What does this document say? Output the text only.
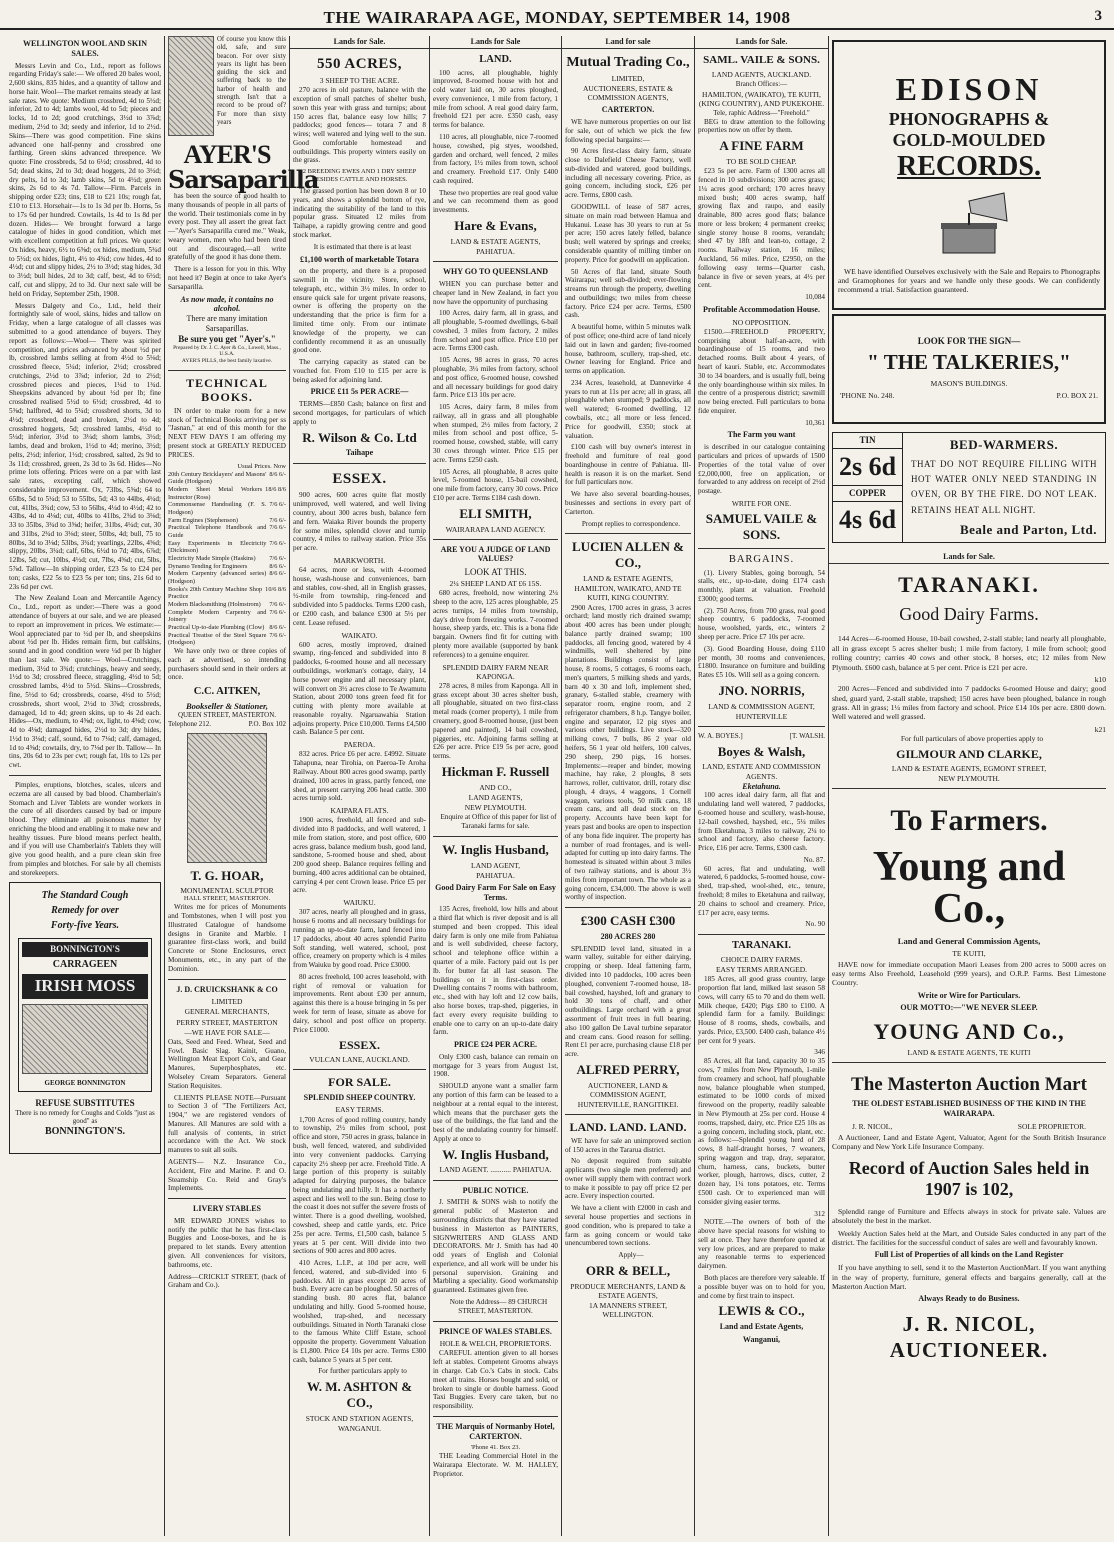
THE WAIRARAPA AGE, MONDAY, SEPTEMBER 14, 1908	3
WELLINGTON WOOL AND SKIN SALES.

Messrs Levin and Co., Ltd., report as follows regarding Friday's sale:— We offered 20 bales wool, 2,600 skins, 835 hides, and a quantity of tallow and horse hair. Wool—The market remains steady at last sale rates. We quote: Medium crossbred, 4d to 5½d; inferior, 2d to 4d; lambs wool, 4d to 5d; pieces and locks, 1d to 2d; good crutchings, 3½d to 3⅞d; medium, 2½d to 3d; seedy and inferior, 1d to 2½d. Skins—There was good competition. Fine skins advanced one half-penny and crossbred one farthing. Green skins advanced threepence. We quote: Fine crossbreds, 5d to 6½d; crossbred, 4d to 5d; dead skins, 2d to 3d; dead hoggets, 2d to 3½d; dry pelts, 1d to 3d; lamb skins, 5d to 4½d; green skins, 2s 6d to 4s 7d. Tallow—Firm. Parcels in shipping order £23; tins, £18 to £21 10s; rough fat, £10 to £13. Horsehair—1s to 1s 3d per lb. Horns, 5s to 17s 6d per hundred. Cowtails, 1s 4d to 1s 8d per dozen. Hides— We brought forward a large catalogue of hides in good condition, which met with excellent competition at full prices. We quote: Ox hides, heavy, 6½ to 6⅝d; ox hides, medium, 5¾d to 5½d; ox hides, light, 4½ to 4¾d; cow hides, 4d to 4½d; cut and slippy hides, 2½ to 3½d; stag hides, 3d to 3½d; bull hides, 2d to 3d; calf, best, 4d to 6½d; calf, cut and slippy, 2d to 3d. Our next sale will be held on Friday, September 25th, 1908.

Messrs Dalgety and Co., Ltd., held their fortnightly sale of wool, skins, hides and tallow on Friday, when a large catalogue of all classes was submitted to a good attendance of buyers. They report as follows:—Wool— There was spirited competition, and prices advanced by about ½d per lb, crossbred lambs selling at from 4½d to 5⅛d; crossbred fleece, 5¼d; inferior, 2½d; crossbred crutchings, 2½d to 3⅞d; inferior, 2d to 2½d; crossbred pieces and pieces, 1¼d to 1¾d. Sheepskins advanced by about ½d per lb; fine crossbred realised 5½d to 6½d; crossbred, 4d to 5⅜d; halfbred, 4d to 5¼d; crossbred shorts, 3d to 4½d; crossbred, dead and broken, 2½d to 4d; crossbred hoggets, 5d; crossbred lambs, 4½d to 5¼d; inferior, 3½d to 3¼d; shorn lambs, 3½d; lambs, dead and broken, 1½d to 4d; merino, 3½d; pelts, 2½d; inferior, 1½d; crossbred, salted, 2s 9d to 3s 11d; crossbred, green, 2s 3d to 3s 6d. Hides—No prime lots offering. Prices were on a par with last sale rates, excepting calf, which showed considerable improvement. Ox, 73lbs, 5⅝d; 64 to 65lbs, 5d to 5¼d; 53 to 55lbs, 5d; 43 to 44lbs, 4¼d; cut, 41lbs, 3¾d; cow, 53 to 56lbs, 4¼d to 4½d; 42 to 43lbs, 4d to 4⅛d; cut, 40lbs to 41lbs, 2¾d to 3⅛d; 33 to 35lbs, 3¾d to 3⅝d; heifer, 31lbs, 4¼d; cut, 30 and 31lbs, 2¾d to 3⅛d; steer, 50lbs, 4d; bull, 75 to 80lbs, 3d to 3⅛d; 53lbs, 3¾d; yearlings, 22lbs, 4⅝d; slippy, 20lbs, 3¼d; calf, 6lbs, 6½d to 7d; 4lbs, 6⅞d; 12lbs, 5d; cut, 10lbs, 4½d; cut, 7lbs, 4⅝d; cut, 5lbs, 5⅞d. Tallow—In shipping order, £23 5s to £24 per ton; casks, £22 5s to £23 5s per ton; tins, 21s 6d to 23s 6d per cwt.

The New Zealand Loan and Mercantile Agency Co., Ltd., report as under:—There was a good attendance of buyers at our sale, and we are pleased to report an improvement in prices. We estimate:—Wool appreciated par to ½d per lb, and sheepskins about ½d per lb. Hides remain firm, but calfskins, sound and in good condition were ¼d per lb higher than last sale. We quote:— Wool—Crutchings, medium, 3½d to 3¾d; crutchings, heavy and seedy, 1½d to 3d; crossbred fleece, straggling, 4½d to 5d; crossbred lambs, 4½d to 5½d. Skins—Crossbreds, fine, 5½d to 6d; crossbreds, coarse, 4½d to 5½d; crossbreds, short wool, 2½d to 3⅞d; crossbreds, damaged, 1d to 4d; green skins, up to 4s 2d each. Hides—Ox, medium, to 4⅝d; ox, light, to 4⅜d; cow, 4d to 4⅛d; damaged hides, 2½d to 3d; dry hides, 1½d to 3⅛d; calf, sound, 6d to 7⅛d; calf, damaged, 1d to 4⅝d; cowtails, dry, to 7⅛d per lb. Tallow— In tins, 20s 6d to 23s per cwt; rough fat, 10s to 12s per cwt.

Pimples, eruptions, blotches, scales, ulcers and eczema are all caused by bad blood. Chamberlain's Stomach and Liver Tablets are wonder workers in the cure of all disorders caused by bad or impure blood. They eliminate all poisonous matter by enriching the blood and enabling it to make new and healthy tissues. Pure blood means perfect health, and if you will use Chamberlain's Tablets they will give you good health, and a pure clean skin free from pimples and blotches. For sale by all chemists and storekeepers.

The Standard Cough
Remedy for over
Forty-five Years.
BONNINGTON'S
CARRAGEEN
IRISH MOSS
GEORGE BONNINGTON
REFUSE SUBSTITUTES
There is no remedy for Coughs and Colds "just as good" as
BONNINGTON'S.

Of course you know this old, safe, and sure beacon. For over sixty years its light has been guiding the sick and suffering back to the harbor of health and strength. Isn't that a record to be proud of? For more than sixty years

AYER'S
Sarsaparilla

has been the source of good health to many thousands of people in all parts of the world. Their testimonials come in by every post. They all assert the great fact—"Ayer's Sarsaparilla cured me." Weak, weary women, men who had been tired out and discouraged,—all write gratefully of the good it has done them.

There is a lesson for you in this. Why not heed it? Begin at once to take Ayer's Sarsaparilla.

As now made, it contains no alcohol.
There are many imitation Sarsaparillas.
Be sure you get "Ayer's."
Prepared by Dr. J. C. Ayer & Co., Lowell, Mass., U.S.A.
AYER'S PILLS, the best family laxative.
TECHNICAL BOOKS.

IN order to make room for a new stock of Technical Books arriving per ss "Jasnan," at end of this month for the NEXT FEW DAYS I am offering my present stock at GREATLY REDUCED PRICES.

Usual Prices. Now
20th Century Bricklayers' and Masons' Guide (Hodgson)
8/6 6/-
Modern Sheet Metal Workers Instructor (Ross)
18/6 8/6
Commonsense Handrailing (F. S. Hodgson)
7/6 6/-
Farm Engines (Stephenson)	7/6 6/-
Practical Telephone Handbook and Guide
7/6 6/-
Easy Experiments in Electricity (Dickinson)
7/6 6/-
Electricity Made Simple (Haskins) 7/6 6/-
Dynamo Tending for Engineers	8/6 6/-
Modern Carpentry (advanced series) (Hodgson)
8/6 6/-
Books's 20th Century Machine Shop Practice
10/6 8/6
Modern Blacksmithing (Holmstrom) 7/6 6/-
Complete Modern Carpentry and Joinery
7/6 6/-
Practical Up-to-date Plumbing (Clow) 8/6 6/-
Practical Treatise of the Steel Square (Hodgson)
7/6 6/-

We have only two or three copies of each at advertised, so intending purchasers should send in their orders at once.

C.C. AITKEN,
Bookseller & Stationer,
QUEEN STREET, MASTERTON.
Telephone 212.	P.O. Box 102
T. G. HOAR,
MONUMENTAL SCULPTOR
HALL STREET, MASTERTON.

Writes me for prices of Monuments and Tombstones, when I will post you Illustrated Catalogue of handsome designs in Granite and Marble. I guarantee first-class work, and build Concrete or Stone Enclosures, erect Monuments, etc., in any part of the Dominion.

J. D. CRUICKSHANK & CO
LIMITED
GENERAL MERCHANTS,
PERRY STREET, MASTERTON
—WE HAVE FOR SALE—

Oats, Seed and Feed. Wheat, Seed and Fowl. Basic Slag. Kainit, Guano, Wellington Meat Export Co's, and Gear Manures, Superphosphates, etc. Wolseley Cream Separators. General Station Requisites.

CLIENTS PLEASE NOTE—Pursuant to Section 3 of "The Fertilizers Act, 1904," we are registered vendors of Manures. All Manures are sold with a full analysis of contents, in strict accordance with the Act. We stock manures to suit all soils.

AGENTS— N.Z. Insurance Co., Accident, Fire and Marine. P. and O. Steamship Co. Reid and Gray's Implements.

LIVERY STABLES

MR EDWARD JONES wishes to notify the public that he has first-class Buggies and Loose-boxes, and he is prepared to let stands. Every attention given. All conveniences for visitors, bathrooms, etc.

Address—CRICKLT STREET, (back of Graham and Co.).

Lands for Sale.
550 ACRES,
3 SHEEP TO THE ACRE.

270 acres in old pasture, balance with the exception of small patches of shelter bush, sown this year with grass and turnips; about 150 acres flat, balance easy low hills; 7 paddocks; good fences— totara 7 and 8 wires; well watered and lying well to the sun. Good comfortable homestead and outbuildings. This property winters easily on the grass.

2 BREEDING EWES AND 1 DRY SHEEP BESIDES CATTLE AND HORSES.

The grassed portion has been down 8 or 10 years, and shows a splendid bottom of rye, indicating the suitability of the land to this popular grass. Situated 12 miles from Taihape, a rapidly growing centre and good stock market.

It is estimated that there is at least

£1,100 worth of marketable Totara

on the property, and there is a proposed sawmill in the vicinity. Store, school, telegraph, etc., within 3½ miles. In order to ensure quick sale for urgent private reasons, owner is offering the property on the understanding that the price is firm for a limited time only. From our intimate knowledge of the property, we can confidently recommend it as an unusually good one.

The carrying capacity as stated can be vouched for. From £10 to £15 per acre is being asked for adjoining land.

PRICE £11 5s PER ACRE—

TERMS—£850 Cash; balance on first and second mortgages, for particulars of which apply to

R. Wilson & Co. Ltd
Taihape
ESSEX.

900 acres, 600 acres quite flat mostly unimproved, well watered, and well living country, about 300 acres bush, balance fern and fern. Waiaka River bounds the property for some miles, splendid clover and turnip country, 4 miles to railway station. Price 35s per acre.

MARKWORTH.

64 acres, more or less, with 4-roomed house, wash-house and conveniences, barn and stables, cow-shed, all in English grasses, ½-mile from township, ring-fenced and subdivided into 5 paddocks. Terms £200 cash, or £200 cash, and balance £300 at 5½ per cent. Lease refused.

WAIKATO.

600 acres, mostly improved, drained swamp, ring-fenced and subdivided into 8 paddocks, 6-roomed house and all necessary outbuildings, workman's cottage, dairy, 14 horse power engine and all necessary plant, will convert on 3½ acres close to Te Awamutu Station, about 2000 tons green feed fit for cutting with plenty more available at reasonable royalty. Ngaruawahia Station adjoins property. Price £10,000. Terms £4,500 cash. Balance 5 per cent.

PAEROA.

832 acres. Price £6 per acre. £4992. Situate Tahapuna, near Tirohia, on Paeroa-Te Aroha Railway. About 800 acres good swamp, partly drained, 100 acres in grass, partly fenced, one shed, at present carrying 206 head cattle. 300 acres turnip sold.

KAIPARA FLATS.

1900 acres, freehold, all fenced and sub-divided into 8 paddocks, and well watered, 1 mile from station, store, and post office, 600 acres grass, balance medium bush, good land, sandstone, 5-roomed house and shed, about 200 good sheep. Balance requires felling and burning, 400 acres additional can be obtained, carrying 4 per cent Crown lease. Price £5 per acre.

WAIUKU.

307 acres, nearly all ploughed and in grass, house 6 rooms and all necessary buildings for running an up-to-date farm, land fenced into 17 paddocks, about 40 acres splendid Paritu Soft standing, well watered, school, post office, creamery on property which is 4 miles from Waiuku by good road. Price £3000.

80 acres freehold, 100 acres leasehold, with right of removal or valuation for improvements. Rent about £30 per annum, against this there is a house bringing in 5s per week for term of lease, situate as above for dairy, school and post office on property. Price £1000.

ESSEX.
VULCAN LANE, AUCKLAND.
FOR SALE.
SPLENDID SHEEP COUNTRY.
EASY TERMS.

1,700 Acres of good rolling country, handy to township, 2½ miles from school, post office and store, 750 acres in grass, balance in bush, well fenced, watered, and subdivided into very convenient paddocks. Carrying capacity 2½ sheep per acre. Freehold Title. A large portion of this property is suitably adapted for dairying purposes, the balance being undulating and hilly. It has a northerly aspect and lies well to the sun. Being close to the coast it does not suffer the severe frosts of winter. There is a good dwelling, woolshed, cowshed, sheep and cattle yards, etc. Price 25s per acre. Terms, £1,500 cash, balance 5 years at 5 per cent. Will divide into two sections of 900 acres and 800 acres.

410 Acres, L.I.P., at 10d per acre, well fenced, watered, and sub-divided into 6 paddocks. All in grass except 20 acres of bush. Every acre can be ploughed. 50 acres of standing bush. 80 acres flat, balance undulating and hilly. Good 5-roomed house, woolshed, trap-shed, and necessary outbuildings. Situated in North Taranaki close to the famous White Cliff Estate, school opposite the property. Government Valuation is £1,800. Price £4 10s per acre. Terms £300 cash, balance 5 years at 5 per cent.

For further particulars apply to

W. M. ASHTON & CO.,
STOCK AND STATION AGENTS,
WANGANUI.
Lands for Sale
LAND.

100 acres, all ploughable, highly improved, 8-roomed house with hot and cold water laid on, 30 acres ploughed, every convenience, 1 mile from factory, 1 mile from school. A real good dairy farm, freehold £21 per acre. £350 cash, easy terms for balance.

110 acres, all ploughable, nice 7-roomed house, cowshed, pig styes, woodshed, garden and orchard, well fenced, 2 miles from factory, 1½ miles from town, school and creamery. Freehold £17. Only £400 cash required.

These two properties are real good value and we can recommend them as good investments.

Hare & Evans,
LAND & ESTATE AGENTS,
PAHIATUA.
WHY GO TO QUEENSLAND

WHEN you can purchase better and cheaper land in New Zealand, in fact you now have the opportunity of purchasing

100 Acres, dairy farm, all in grass, and all ploughable, 5-roomed dwellings, 6-bail cowshed, 3 miles from factory, 2 miles from school and post office. Price £10 per acre. Terms £300 cash.

105 Acres, 98 acres in grass, 70 acres ploughable, 3¼ miles from factory, school and post office, 6-roomed house, cowshed and all necessary buildings for good dairy farm. Price £13 10s per acre.

105 Acres, dairy farm, 8 miles from railway, all in grass and all ploughable when stumped, 2½ miles from factory, 2 miles from school and post office, 5-roomed house, cowshed, stable, will carry 30 cows through winter. Price £15 per acre. Terms £250 cash.

105 Acres, all ploughable, 8 acres quite level, 5-roomed house, 15-bail cowshed, one mile from factory, carry 30 cows. Price £10 per acre. Terms £184 cash down.

ELI SMITH,
WAIRARAPA LAND AGENCY.
ARE YOU A JUDGE OF LAND VALUES?
LOOK AT THIS.
2¼ SHEEP LAND AT £6 15S.

680 acres, freehold, now wintering 2¼ sheep to the acre, 125 acres ploughable, 25 acres turnips, 14 miles from township, day's drive from freezing works. 7-roomed house, sheep yards, etc. This is a bona fide bargain. Owners find fit for cutting with plenty more available (supported by bank references) to a genuine enquirer.

SPLENDID DAIRY FARM NEAR KAPONGA.

278 acres, 8 miles from Kaponga. All in grass except about 30 acres shelter bush, all ploughable, situated on two first-class metal roads (corner property), 1 mile from creamery, good 8-roomed house, (just been papered and painted), 14 bail cowshed, piggeries, etc. Adjoining farms selling at £26 per acre. Price £19 5s per acre, good terms.

Hickman F. Russell
AND CO.,
LAND AGENTS,
NEW PLYMOUTH.

Enquire at Office of this paper for list of Taranaki farms for sale.

W. Inglis Husband,
LAND AGENT,
PAHIATUA.
Good Dairy Farm For Sale on Easy Terms.

135 Acres, freehold, low hills and about a third flat which is river deposit and is all stumped and been cropped. This ideal dairy farm is only one mile from Pahiatua and is well subdivided, cheese factory, school and telephone office within a quarter of a mile. Factory paid out 1s per lb. for butter fat all last season. The buildings on it in first-class order. Dwelling contains 7 rooms with bathroom, etc., shed with hay loft and 12 cow bails, also horse boxes, trap-shed, piggeries, in fact every every requisite building to enable one to carry on an up-to-date dairy farm.

PRICE £24 PER ACRE.

Only £300 cash, balance can remain on mortgage for 3 years from August 1st, 1908.

SHOULD anyone want a smaller farm any portion of this farm can be leased to a neighbour at a rental equal to the interest, which means that the purchaser gets the use of the buildings, the flat land and the best of the undulating country for himself. Apply at once to

W. Inglis Husband,
LAND AGENT. ........... PAHIATUA.
PUBLIC NOTICE.

J. SMITH & SONS wish to notify the general public of Masterton and surrounding districts that they have started business in Masterton as PAINTERS, SIGNWRITERS AND GLASS AND DECORATORS. Mr J. Smith has had 40 odd years of English and Colonial experience, and all work will be under his personal supervision. Graining and Marbling a speciality. Good workmanship guaranteed. Estimates given free.

Note the Address— 89 CHURCH STREET, MASTERTON.

PRINCE OF WALES STABLES.
HOLE & WELCH, PROPRIETORS.

CAREFUL attention given to all horses left at stables. Competent Grooms always in charge. Cab Co.'s Cabs in stock. Cabs meet all trains. Horses bought and sold, or broken to single or double harness. Good Taxi Buggies. Every care taken, but no responsibility.

THE Marquis of Normanby Hotel, CARTERTON.
'Phone 41. Box 23.

THE Leading Commercial Hotel in the Wairarapa Electorate. W. M. HALLEY, Proprietor.

Land for sale
Mutual Trading Co.,
LIMITED,
AUCTIONEERS, ESTATE & COMMISSION AGENTS,
CARTERTON.

WE have numerous properties on our list for sale, out of which we pick the few following special bargains:—

90 Acres first-class dairy farm, situate close to Dalefield Cheese Factory, well sub-divided and watered, good buildings, including all necessary covering. Price, as going concern, including stock, £26 per acre. Terms, £800 cash.

GOODWILL of lease of 587 acres, situate on main road between Hamua and Hukanui. Lease has 30 years to run at 5s per acre; 150 acres lately felled, balance bush; well watered by springs and creeks; considerable quantity of milling timber on property. Price for goodwill on application.

50 Acres of flat land, situate South Wairarapa; well sub-divided; ever-flowing streams run through the property, dwelling and outbuildings; two miles from cheese factory. Price £24 per acre. Terms, £500 cash.

A beautiful home, within 5 minutes walk of post office; one-third acre of land nicely laid out in lawn and garden; five-roomed house, bathroom, scullery, trap-shed, etc. Owner leaving for England. Price and terms on application.

234 Acres, leasehold, at Dannevirke 4 years to run at 11s per acre; all in grass, all ploughable when stumped; 9 paddocks, all well watered; 6-roomed dwelling, 12 cowbails, etc.; all more or less fenced. Price for goodwill, £350; stock at valuation.

£100 cash will buy owner's interest in freehold and furniture of real good boardinghouse in centre of Pahiatua. Ill-health is reason it is on the market. Send for full particulars now.

We have also several boarding-houses, businesses and sections in every part of Carterton.

Prompt replies to correspondence.

LUCIEN ALLEN & CO.,
LAND & ESTATE AGENTS,
HAMILTON, WAIKATO, AND TE KUITI, KING COUNTRY.

2900 Acres, 1700 acres in grass, 3 acres orchard; land mostly rich drained swamp; about 400 acres has been under plough; balance partly drained swamp; 100 paddocks, all fencing good, watered by 4 windmills, well sheltered by pine plantations. Buildings consist of large house, 8 rooms, 5 cottages, 6 rooms each, men's quarters, 5 milking sheds and yards, barn 40 x 30 and loft, implement shed, granary, 6-stalled stable, creamery with separator room, engine room, and 2 refrigerator chambers, 8 h.p. Tangye boiler, engine and separator, 12 pig styes and various other buildings. Live stock—320 milking cows, 7 bulls, 86 2 year old heifers, 56 1 year old heifers, 100 calves, 290 sheep, 290 pigs, 16 horses. Implements:—reaper and binder, mowing machine, hay rake, 2 ploughs, 8 sets harrows, roller, cultivator, drill, rotary disc plough, 4 drays, 4 waggons, 1 Cornell waggon, various tools, 50 milk cans, 18 cream cans, and all dead stock on the property. Accounts have been kept for years past and books are open to inspection of any bona fide inquirer. The property has a number of road frontages, and is well-adapted for cutting up into dairy farms. The homestead is situated within about 3 miles of two railway stations, and is about 3½ miles from important town. The whole as a going concern, £34,000. The above is well worthy of inspection.

£300 CASH £300
280 ACRES 280

SPLENDID level land, situated in a warm valley, suitable for either dairying, cropping or sheep. Ideal fattening farm, divided into 10 paddocks, 100 acres been ploughed, convenient 7-roomed house, 18-bail cowshed, hayshed, loft and granary to hold 30 tons of chaff, and other outbuildings. Large orchard with a great assortment of fruit trees in full bearing, also 100 gallon De Laval turbine separator and cream cans. Good reason for selling. Rent £1 per acre, purchasing clause £18 per acre.

ALFRED PERRY,
AUCTIONEER, LAND & COMMISSION AGENT,
HUNTERVILLE, RANGITIKEI.
LAND. LAND. LAND.

WE have for sale an unimproved section of 150 acres in the Tararua district.

No deposit required from suitable applicants (two single men preferred) and owner will supply them with contract work to make it possible to pay off price £2 per acre. Every inspection courted.

We have a client with £2000 in cash and several house properties and sections in good condition, who is prepared to take a farm as going concern or would take unencumbered town sections.

Apply—

ORR & BELL,
PRODUCE MERCHANTS, LAND & ESTATE AGENTS,
1A MANNERS STREET, WELLINGTON.
Lands for Sale.
SAML. VAILE & SONS.
LAND AGENTS, AUCKLAND.
Branch Offices:—
HAMILTON, (WAIKATO), TE KUITI, (KING COUNTRY), AND PUKEKOHE.
Tele, raphic Address—"Freehold."

BEG to draw attention to the following properties now on offer by them.

A FINE FARM
TO BE SOLD CHEAP.

£23 5s per acre. Farm of 1300 acres all fenced in 10 subdivisions; 300 acres grass; 1¼ acres good orchard; 170 acres heavy mixed bush; 400 acres swamp, half growing flax and raupo, and easily drainable, 800 acres good flats; balance more or less broken; 4 permanent creeks; single storey house 8 rooms, verandah; shed 47 by 18ft and lean-to, cottage, 2 rooms. Railway station, 16 miles; Auckland, 56 miles. Price, £2950, on the following easy terms—Quarter cash, balance in five or seven years, at 4½ per cent.

10,084
Profitable Accommodation House.
NO OPPOSITION.

£1500.—FREEHOLD PROPERTY, comprising about half-an-acre, with boardinghouse of 15 rooms, and two detached rooms. Built about 4 years, of heart of kauri. Stable, etc. Accommodates 30 to 34 boarders, and is usually full, being the only boardinghouse within six miles. In the centre of a prosperous district; sawmill now being erected. Full particulars to bona fide enquirer.

10,361
The Farm you want

is described in our catalogue containing particulars and prices of upwards of 1500 Properties of the total value of over £2,000,000, free on application, or forwarded to any address on receipt of 2½d postage.

WRITE FOR ONE.
SAMUEL VAILE & SONS.
BARGAINS.

(1). Livery Stables, going borough, 54 stalls, etc., up-to-date, doing £174 cash monthly, plant at valuation. Freehold £3000; good terms.

(2). 750 Acres, from 700 grass, real good sheep country, 6 paddocks, 7-roomed house, woolshed, yards, etc., winters 2 sheep per acre. Price £7 10s per acre.

(3). Good Boarding House, doing £110 per month, 30 rooms and conveniences, £1800. Insurance on furniture and building Rates £5 10s. Will sell as a going concern.

JNO. NORRIS,
LAND & COMMISSION AGENT,
HUNTERVILLE
W. A. BOYES.]	[T. WALSH.
Boyes & Walsh,
LAND, ESTATE AND COMMISSION AGENTS.
Eketahuna.

100 acres ideal dairy farm, all flat and undulating land well watered, 7 paddocks, 6-roomed house and scullery, wash-house, 12-bail cowshed, hayshed, etc., 5¼ miles from Eketahuna, 3 miles to railway, 2¼ to school and factory, also cheese factory. Price, £16 per acre. Terms, £300 cash.

No. 87.

60 acres, flat and undulating, well watered, 6 paddocks, 5-roomed house, cow-shed, trap-shed, wool-shed, etc., tenure, freehold; 8 miles to Eketahuna and railway, 20 chains to school and creamery. Price, £17 per acre, easy terms.

No. 90
TARANAKI.
CHOICE DAIRY FARMS.
EASY TERMS ARRANGED.

185 Acres, all good grass country, large proportion flat land, milked last season 58 cows, will carry 65 to 70 and do them well. Milk cheque, £420; Pigs £80 to £100. A splendid farm for a family. Buildings: House of 8 rooms, sheds, cowbails, and yards. Price, £3,500. £400 cash, balance 4½ per cent for 9 years.

346

85 Acres, all flat land, capacity 30 to 35 cows, 7 miles from New Plymouth, 1-mile from creamery and school, half ploughable now, balance ploughable when stumped, estimated to be 1000 cords of mixed firewood on the property, readily saleable in New Plymouth at 25s per cord. House 4 rooms, trapshed, dairy, etc. Price £25 10s as a going concern, including stock, plant, etc. as follows:—Splendid young herd of 28 cows, 8 half-draught horses, 7 weaners, spring waggon and trap, dray, separator, churn, harness, cans, buckets, butter worker, plough, harrows, discs, cutter, 2 dozen hay, 1¼ tons potatoes, etc. Terms £500 cash. Or to experienced man will consider giving easier terms.

312

NOTE.—The owners of both of the above have special reasons for wishing to sell at once. They have therefore quoted at very low prices, and are prepared to make any reasonable terms to experienced dairymen.

Both places are therefore very saleable. If a possible buyer was on to hold for you, and come by first train to inspect.

LEWIS & CO.,
Land and Estate Agents,
Wanganui,
EDISON
PHONOGRAPHS &
GOLD-MOULDED
RECORDS.

WE have identified Ourselves exclusively with the Sale and Repairs to Phonographs and Gramophones for years and we handle only these goods. We can confidently recommend a trial. Satisfaction guaranteed.

LOOK FOR THE SIGN—
" THE TALKERIES,"
MASON'S BUILDINGS.
'PHONE No. 248.	P.O. BOX 21.
TIN
2s 6d
COPPER
4s 6d
BED-WARMERS.
THAT DO NOT REQUIRE FILLING WITH HOT WATER ONLY NEED STANDING IN OVEN, OR BY THE FIRE. DO NOT LEAK. RETAINS HEAT ALL NIGHT.
Beale and Parton, Ltd.
Lands for Sale.
TARANAKI.
Good Dairy Farms.

144 Acres—6-roomed House, 10-bail cowshed, 2-stall stable; land nearly all ploughable, all in grass except 5 acres shelter bush; 1 mile from factory, 1 mile from school; good rolling country; carries 40 cows and other stock, 8 horses, etc; 12 miles from New Plymouth. £600 cash, balance at 5 per cent. Price is £21 per acre.

k10

200 Acres—Fenced and subdivided into 7 paddocks 6-roomed House and dairy; good shed, guard yard, 2-stall stable, trapshed; 150 acres have been ploughed, balance in rough grass. All in grass; 1¼ miles from factory and school. Price £14 10s per acre. £800 down. Well watered and well grassed.

k21

For full particulars of above properties apply to

GILMOUR AND CLARKE,
LAND & ESTATE AGENTS, EGMONT STREET,
NEW PLYMOUTH.
To Farmers.
Young and Co.,
Land and General Commission Agents,
TE KUITI,

HAVE now for immediate occupation Maori Leases from 200 acres to 5000 acres on easy terms Also Freehold, Leasehold (999 years), and O.R.P. Farms. Best Limestone Country.

Write or Wire for Particulars.
OUR MOTTO:—"WE NEVER SLEEP.
YOUNG AND Co.,
LAND & ESTATE AGENTS, TE KUITI
The Masterton Auction Mart
THE OLDEST ESTABLISHED BUSINESS OF THE KIND IN THE WAIRARAPA.
J. R. NICOL,	SOLE PROPRIETOR.

A Auctioneer, Land and Estate Agent, Valuator, Agent for the South British Insurance Company and New York Life Insurance Company.

Record of Auction Sales held in 1907 is 102,

Splendid range of Furniture and Effects always in stock for private sale. Values are absolutely the best in the market.

Weekly Auction Sales held at the Mart, and Outside Sales conducted in any part of the district. The facilities for the successful conduct of sales are well and favourably known.

Full List of Properties of all kinds on the Land Register

If you have anything to sell, send it to the Masterton AuctionMart. If you want anything in the way of property, furniture, general effects and bargains generally, call at the Masterton Auction Mart.

Always Ready to do Business.
J. R. NICOL, AUCTIONEER.
